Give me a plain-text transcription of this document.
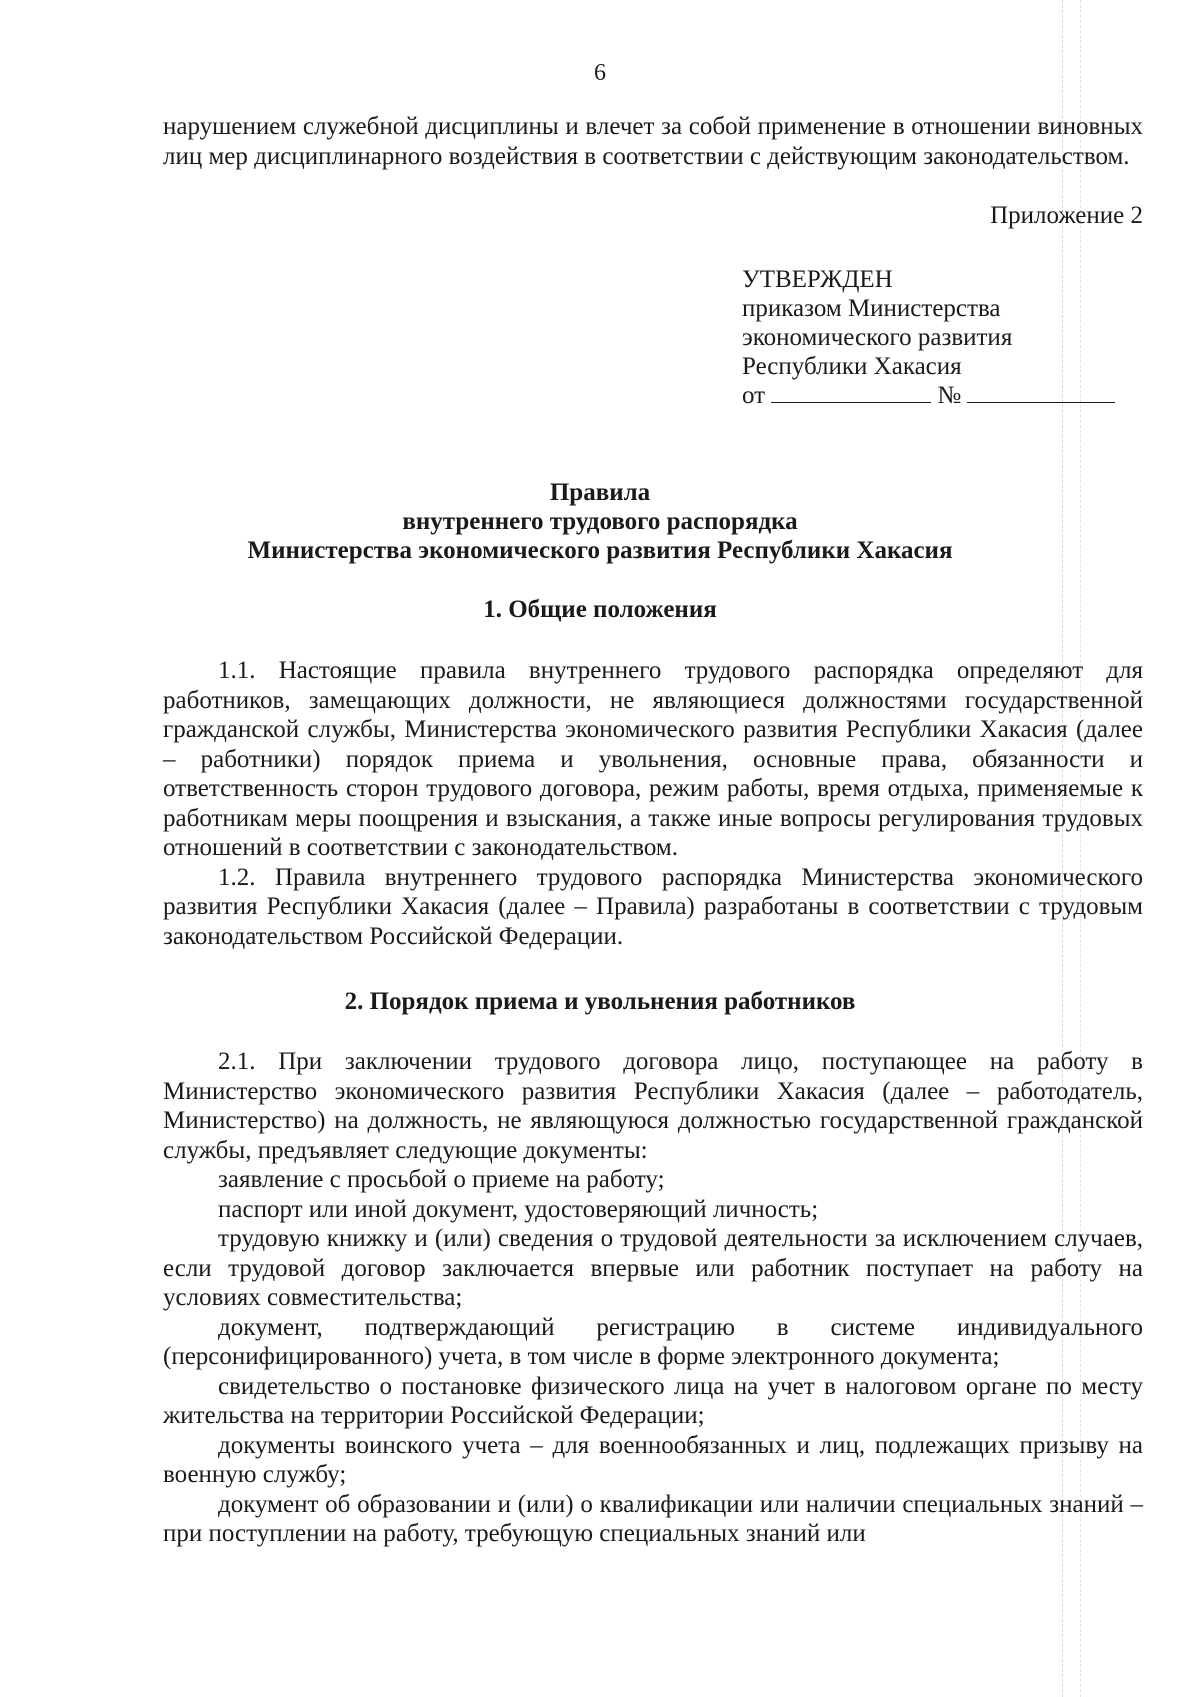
6

нарушением служебной дисциплины и влечет за собой применение в отношении виновных лиц мер дисциплинарного воздействия в соответствии с действующим законодательством.

Приложение 2
УТВЕРЖДЕН
приказом Министерства
экономического развития
Республики Хакасия
от	№
Правила
внутреннего трудового распорядка
Министерства экономического развития Республики Хакасия
1. Общие положения

1.1. Настоящие правила внутреннего трудового распорядка определяют для работников, замещающих должности, не являющиеся должностями государственной гражданской службы, Министерства экономического развития Республики Хакасия (далее – работники) порядок приема и увольнения, основные права, обязанности и ответственность сторон трудового договора, режим работы, время отдыха, применяемые к работникам меры поощрения и взыскания, а также иные вопросы регулирования трудовых отношений в соответствии с законодательством.

1.2. Правила внутреннего трудового распорядка Министерства экономического развития Республики Хакасия (далее – Правила) разработаны в соответствии с трудовым законодательством Российской Федерации.

2. Порядок приема и увольнения работников

2.1. При заключении трудового договора лицо, поступающее на работу в Министерство экономического развития Республики Хакасия (далее – работодатель, Министерство) на должность, не являющуюся должностью государственной гражданской службы, предъявляет следующие документы:

заявление с просьбой о приеме на работу;

паспорт или иной документ, удостоверяющий личность;

трудовую книжку и (или) сведения о трудовой деятельности за исключением случаев, если трудовой договор заключается впервые или работник поступает на работу на условиях совместительства;

документ, подтверждающий регистрацию в системе индивидуального (персонифицированного) учета, в том числе в форме электронного документа;

свидетельство о постановке физического лица на учет в налоговом органе по месту жительства на территории Российской Федерации;

документы воинского учета – для военнообязанных и лиц, подлежащих призыву на военную службу;

документ об образовании и (или) о квалификации или наличии специальных знаний – при поступлении на работу, требующую специальных знаний или
